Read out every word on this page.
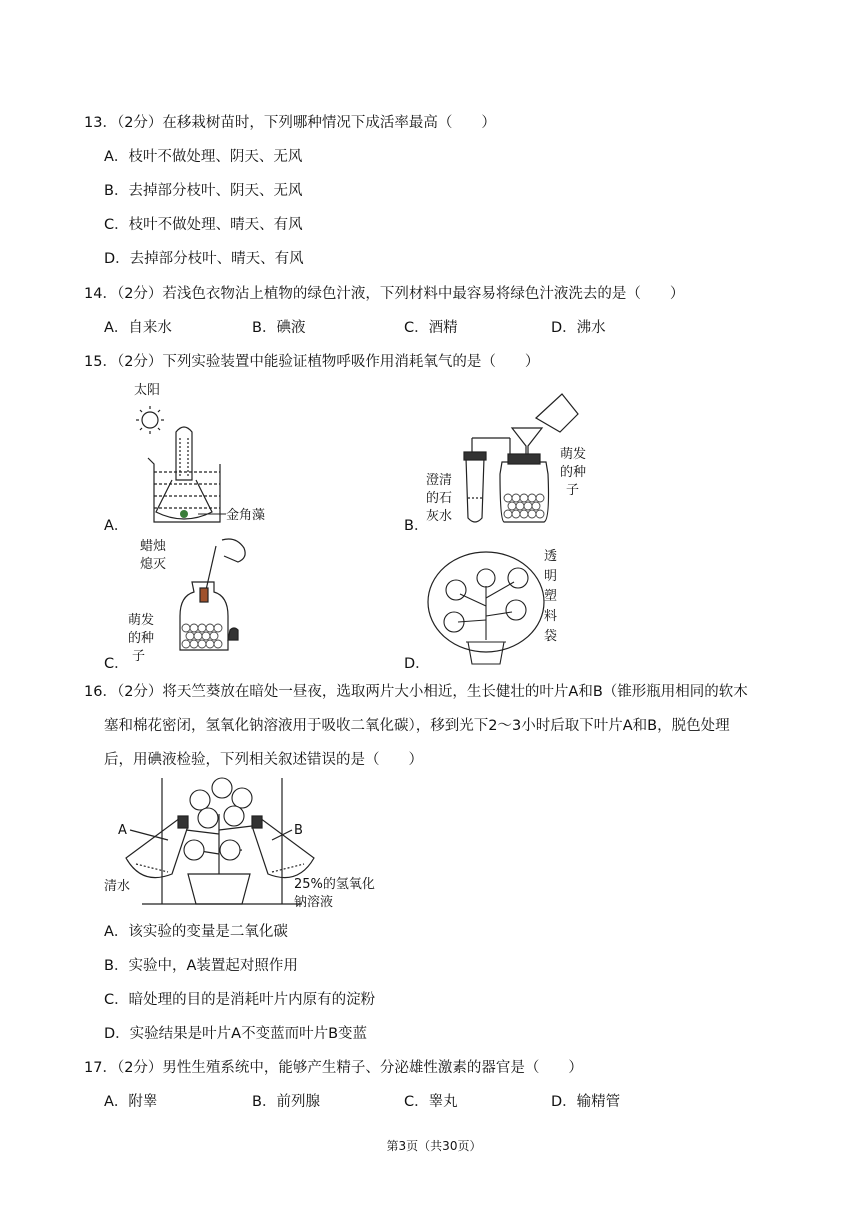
13．（2分）在移栽树苗时，下列哪种情况下成活率最高（　　）
A．枝叶不做处理、阴天、无风
B．去掉部分枝叶、阴天、无风
C．枝叶不做处理、晴天、有风
D．去掉部分枝叶、晴天、有风
14．（2分）若浅色衣物沾上植物的绿色汁液，下列材料中最容易将绿色汁液洗去的是（　　）
A．自来水	B．碘液	C．酒精	D．沸水
15．（2分）下列实验装置中能验证植物呼吸作用消耗氧气的是（　　）
A．
太阳
金角藻
B．
澄清
的石
灰水
萌发
的种
子
C．
蜡烛
熄灭
萌发
的种
子	D．
透
明
塑
料
袋
16．（2分）将天竺葵放在暗处一昼夜，选取两片大小相近，生长健壮的叶片A和B（锥形瓶用相同的软木
塞和棉花密闭，氢氧化钠溶液用于吸收二氧化碳），移到光下2～3小时后取下叶片A和B，脱色处理
后，用碘液检验，下列相关叙述错误的是（　　）
A	B
清水	25%的氢氧化
钠溶液
A．该实验的变量是二氧化碳
B．实验中，A装置起对照作用
C．暗处理的目的是消耗叶片内原有的淀粉
D．实验结果是叶片A不变蓝而叶片B变蓝
17．（2分）男性生殖系统中，能够产生精子、分泌雄性激素的器官是（　　）
A．附睾	B．前列腺	C．睾丸	D．输精管
第3页（共30页）
